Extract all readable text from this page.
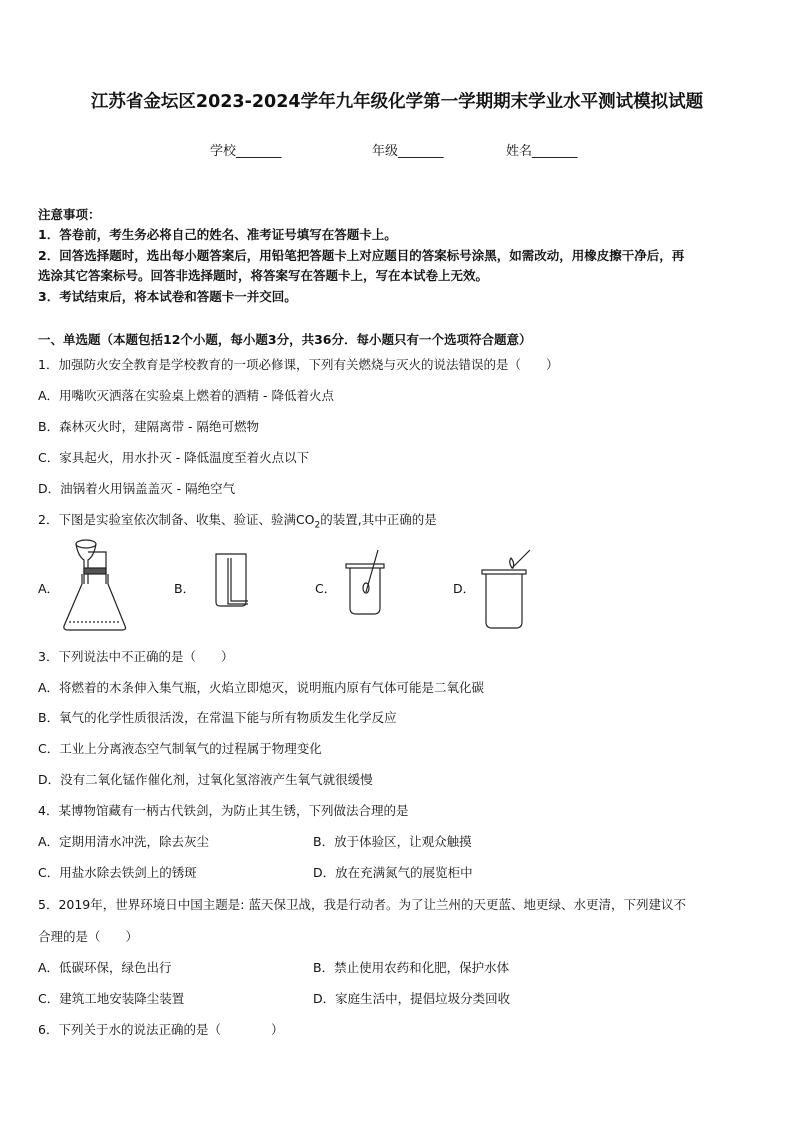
江苏省金坛区2023-2024学年九年级化学第一学期期末学业水平测试模拟试题
学校_______	年级_______	姓名_______
注意事项：
1．答卷前，考生务必将自己的姓名、准考证号填写在答题卡上。
2．回答选择题时，选出每小题答案后，用铅笔把答题卡上对应题目的答案标号涂黑，如需改动，用橡皮擦干净后，再
选涂其它答案标号。回答非选择题时，将答案写在答题卡上，写在本试卷上无效。
3．考试结束后，将本试卷和答题卡一并交回。
一、单选题（本题包括12个小题，每小题3分，共36分．每小题只有一个选项符合题意）
1．加强防火安全教育是学校教育的一项必修课，下列有关燃烧与灭火的说法错误的是（　　）
A．用嘴吹灭洒落在实验桌上燃着的酒精 - 降低着火点
B．森林灭火时，建隔离带 - 隔绝可燃物
C．家具起火，用水扑灭 - 降低温度至着火点以下
D．油锅着火用锅盖盖灭 - 隔绝空气
2．下图是实验室依次制备、收集、验证、验满$CO_2$的装置,其中正确的是
A．	B．	C．	D．
3．下列说法中不正确的是（　　）
A．将燃着的木条伸入集气瓶，火焰立即熄灭，说明瓶内原有气体可能是二氧化碳
B．氧气的化学性质很活泼，在常温下能与所有物质发生化学反应
C．工业上分离液态空气制氧气的过程属于物理变化
D．没有二氧化锰作催化剂，过氧化氢溶液产生氧气就很缓慢
4．某博物馆藏有一柄古代铁剑，为防止其生锈，下列做法合理的是
A．定期用清水冲洗，除去灰尘	B．放于体验区，让观众触摸
C．用盐水除去铁剑上的锈斑	D．放在充满氮气的展览柜中
5．2019年，世界环境日中国主题是: 蓝天保卫战，我是行动者。为了让兰州的天更蓝、地更绿、水更清，下列建议不
合理的是（　　）
A．低碳环保，绿色出行	B．禁止使用农药和化肥，保护水体
C．建筑工地安装降尘装置	D．家庭生活中，提倡垃圾分类回收
6．下列关于水的说法正确的是（　　　　）
